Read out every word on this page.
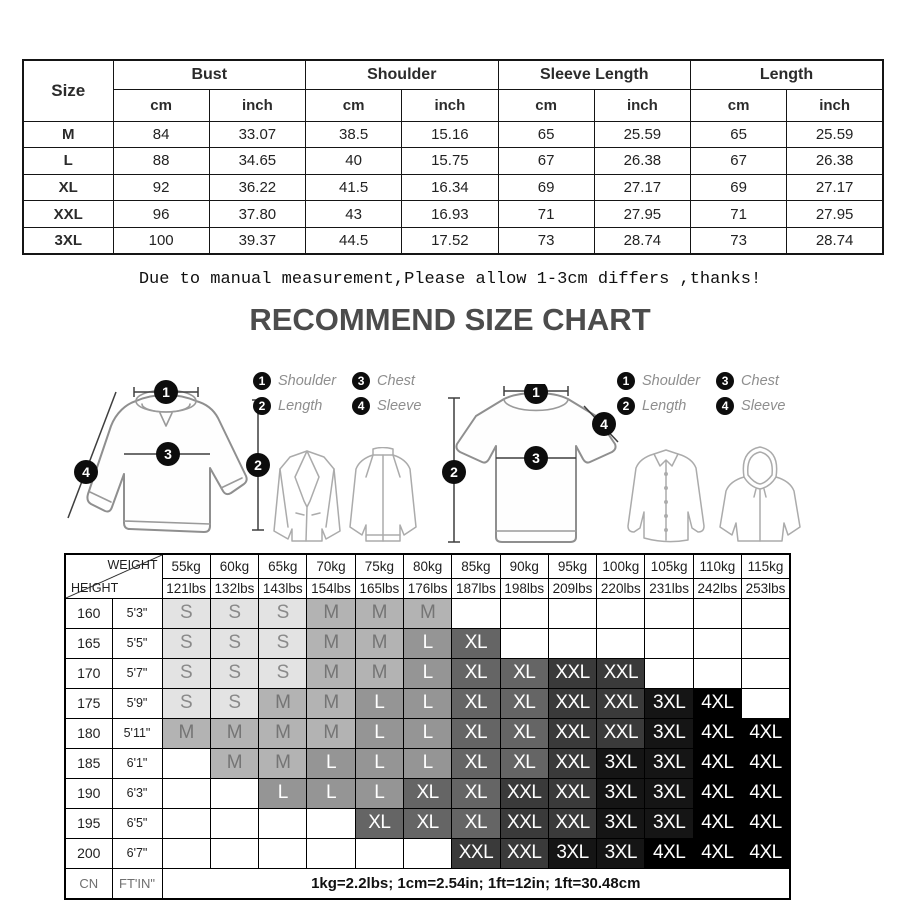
Size	Bust		Shoulder		Sleeve Length		Length	
	cm	inch	cm	inch	cm	inch	cm	inch
M	84	33.07	38.5	15.16	65	25.59	65	25.59
L	88	34.65	40	15.75	67	26.38	67	26.38
XL	92	36.22	41.5	16.34	69	27.17	69	27.17
XXL	96	37.80	43	16.93	71	27.95	71	27.95
3XL	100	39.37	44.5	17.52	73	28.74	73	28.74
Due to manual measurement,Please allow 1-3cm differs ,thanks!
RECOMMEND SIZE CHART
1
3
2
4
1 Shoulder	3 Chest
2 Length	4 Sleeve
1
2
3
4
1 Shoulder	3 Chest
2 Length	4 Sleeve
WEIGHT
HEIGHT		55kg	60kg	65kg	70kg	75kg	80kg	85kg	90kg	95kg	100kg	105kg	110kg	115kg
		121lbs	132lbs	143lbs	154lbs	165lbs	176lbs	187lbs	198lbs	209lbs	220lbs	231lbs	242lbs	253lbs
160	5'3"	S	S	S	M	M	M							
165	5'5"	S	S	S	M	M	L	XL						
170	5'7"	S	S	S	M	M	L	XL	XL	XXL	XXL			
175	5'9"	S	S	M	M	L	L	XL	XL	XXL	XXL	3XL	4XL	
180	5'11"	M	M	M	M	L	L	XL	XL	XXL	XXL	3XL	4XL	4XL
185	6'1"		M	M	L	L	L	XL	XL	XXL	3XL	3XL	4XL	4XL
190	6'3"			L	L	L	XL	XL	XXL	XXL	3XL	3XL	4XL	4XL
195	6'5"					XL	XL	XL	XXL	XXL	3XL	3XL	4XL	4XL
200	6'7"							XXL	XXL	3XL	3XL	4XL	4XL	4XL
CN	FT'IN"	1kg=2.2lbs; 1cm=2.54in; 1ft=12in; 1ft=30.48cm												
